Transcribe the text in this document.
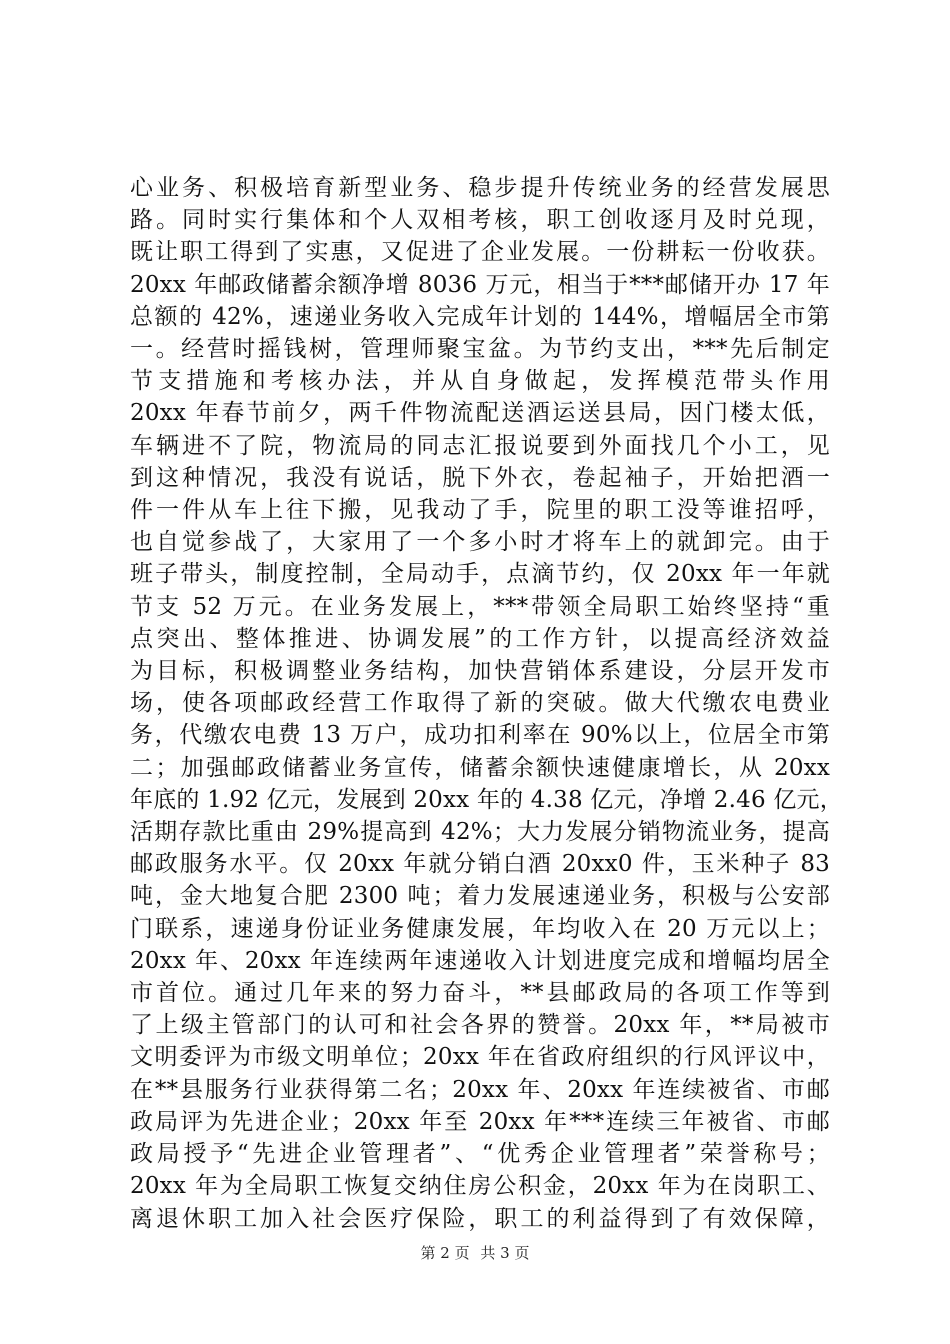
心业务、积极培育新型业务、稳步提升传统业务的经营发展思
路。同时实行集体和个人双相考核，职工创收逐月及时兑现，
既让职工得到了实惠，又促进了企业发展。一份耕耘一份收获。
20xx 年邮政储蓄余额净增 8036 万元，相当于***邮储开办 17 年
总额的 42%，速递业务收入完成年计划的 144%，增幅居全市第
一。经营时摇钱树，管理师聚宝盆。为节约支出，***先后制定
节支措施和考核办法，并从自身做起，发挥模范带头作用
20xx 年春节前夕，两千件物流配送酒运送县局，因门楼太低，
车辆进不了院，物流局的同志汇报说要到外面找几个小工，见
到这种情况，我没有说话，脱下外衣，卷起袖子，开始把酒一
件一件从车上往下搬，见我动了手，院里的职工没等谁招呼，
也自觉参战了，大家用了一个多小时才将车上的就卸完。由于
班子带头，制度控制，全局动手，点滴节约，仅 20xx 年一年就
节支 52 万元。在业务发展上，***带领全局职工始终坚持“重
点突出、整体推进、协调发展”的工作方针，以提高经济效益
为目标，积极调整业务结构，加快营销体系建设，分层开发市
场，使各项邮政经营工作取得了新的突破。做大代缴农电费业
务，代缴农电费 13 万户，成功扣利率在 90%以上，位居全市第
二；加强邮政储蓄业务宣传，储蓄余额快速健康增长，从 20xx
年底的 1.92 亿元，发展到 20xx 年的 4.38 亿元，净增 2.46 亿元，
活期存款比重由 29%提高到 42%；大力发展分销物流业务，提高
邮政服务水平。仅 20xx 年就分销白酒 20xx0 件，玉米种子 83
吨，金大地复合肥 2300 吨；着力发展速递业务，积极与公安部
门联系，速递身份证业务健康发展，年均收入在 20 万元以上；
20xx 年、20xx 年连续两年速递收入计划进度完成和增幅均居全
市首位。通过几年来的努力奋斗，**县邮政局的各项工作等到
了上级主管部门的认可和社会各界的赞誉。20xx 年，**局被市
文明委评为市级文明单位；20xx 年在省政府组织的行风评议中，
在**县服务行业获得第二名；20xx 年、20xx 年连续被省、市邮
政局评为先进企业；20xx 年至 20xx 年***连续三年被省、市邮
政局授予“先进企业管理者”、“优秀企业管理者”荣誉称号；
20xx 年为全局职工恢复交纳住房公积金，20xx 年为在岗职工、
离退休职工加入社会医疗保险，职工的利益得到了有效保障，
第 2 页 共 3 页
